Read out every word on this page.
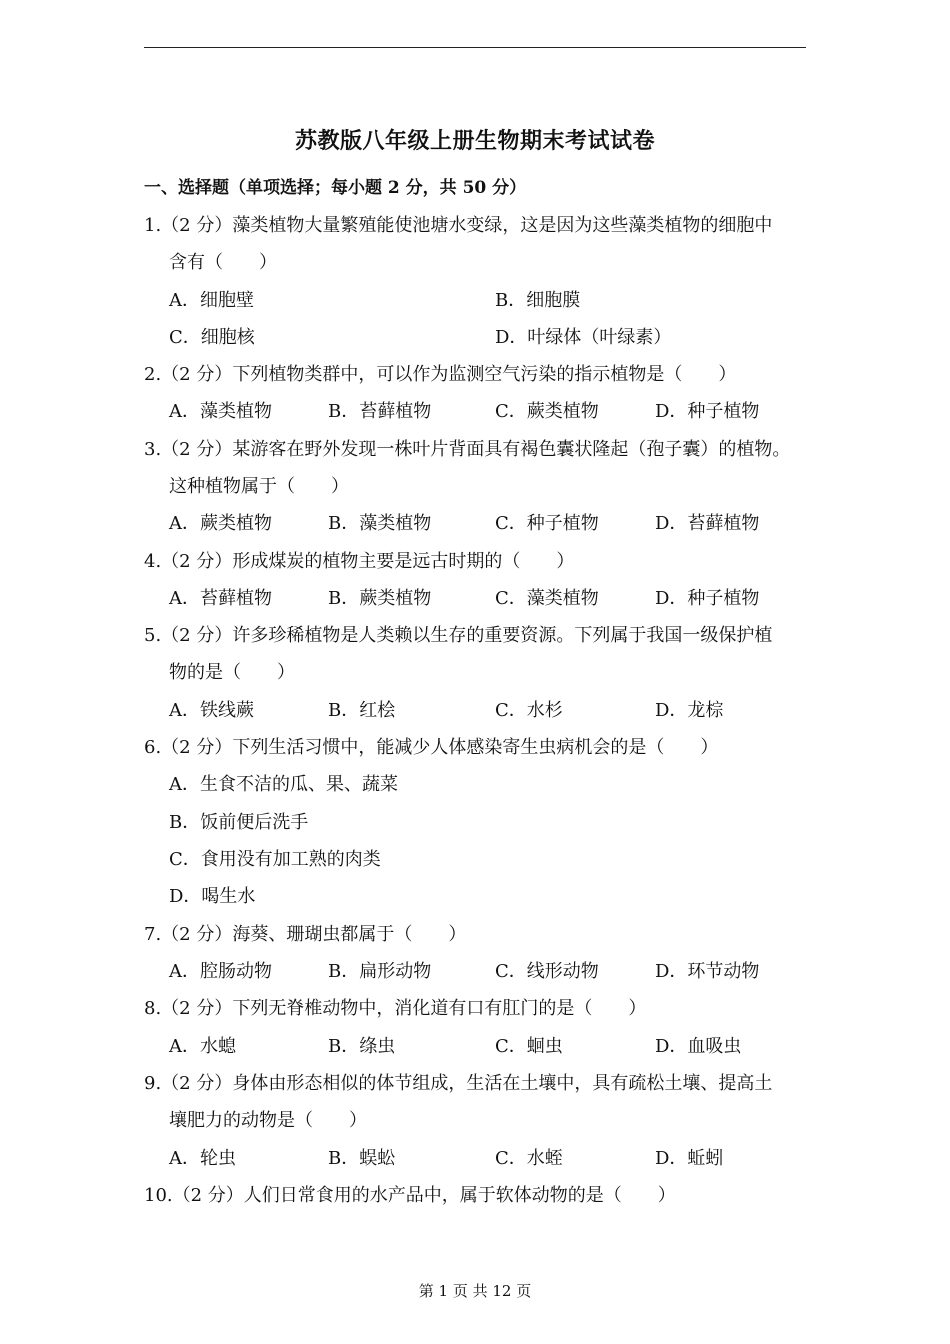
苏教版八年级上册生物期末考试试卷
一、选择题（单项选择；每小题 2 分，共 50 分）
1.（2 分）藻类植物大量繁殖能使池塘水变绿，这是因为这些藻类植物的细胞中
含有（　　）
A．细胞壁	B．细胞膜
C．细胞核	D．叶绿体（叶绿素）
2.（2 分）下列植物类群中，可以作为监测空气污染的指示植物是（　　）
A．藻类植物	B．苔藓植物	C．蕨类植物	D．种子植物
3.（2 分）某游客在野外发现一株叶片背面具有褐色囊状隆起（孢子囊）的植物。
这种植物属于（　　）
A．蕨类植物	B．藻类植物	C．种子植物	D．苔藓植物
4.（2 分）形成煤炭的植物主要是远古时期的（　　）
A．苔藓植物	B．蕨类植物	C．藻类植物	D．种子植物
5.（2 分）许多珍稀植物是人类赖以生存的重要资源。下列属于我国一级保护植
物的是（　　）
A．铁线蕨	B．红桧	C．水杉	D．龙棕
6.（2 分）下列生活习惯中，能减少人体感染寄生虫病机会的是（　　）
A．生食不洁的瓜、果、蔬菜
B．饭前便后洗手
C．食用没有加工熟的肉类
D．喝生水
7.（2 分）海葵、珊瑚虫都属于（　　）
A．腔肠动物	B．扁形动物	C．线形动物	D．环节动物
8.（2 分）下列无脊椎动物中，消化道有口有肛门的是（　　）
A．水螅	B．绦虫	C．蛔虫	D．血吸虫
9.（2 分）身体由形态相似的体节组成，生活在土壤中，具有疏松土壤、提高土
壤肥力的动物是（　　）
A．轮虫	B．蜈蚣	C．水蛭	D．蚯蚓
10.（2 分）人们日常食用的水产品中，属于软体动物的是（　　）
第 1 页 共 12 页
